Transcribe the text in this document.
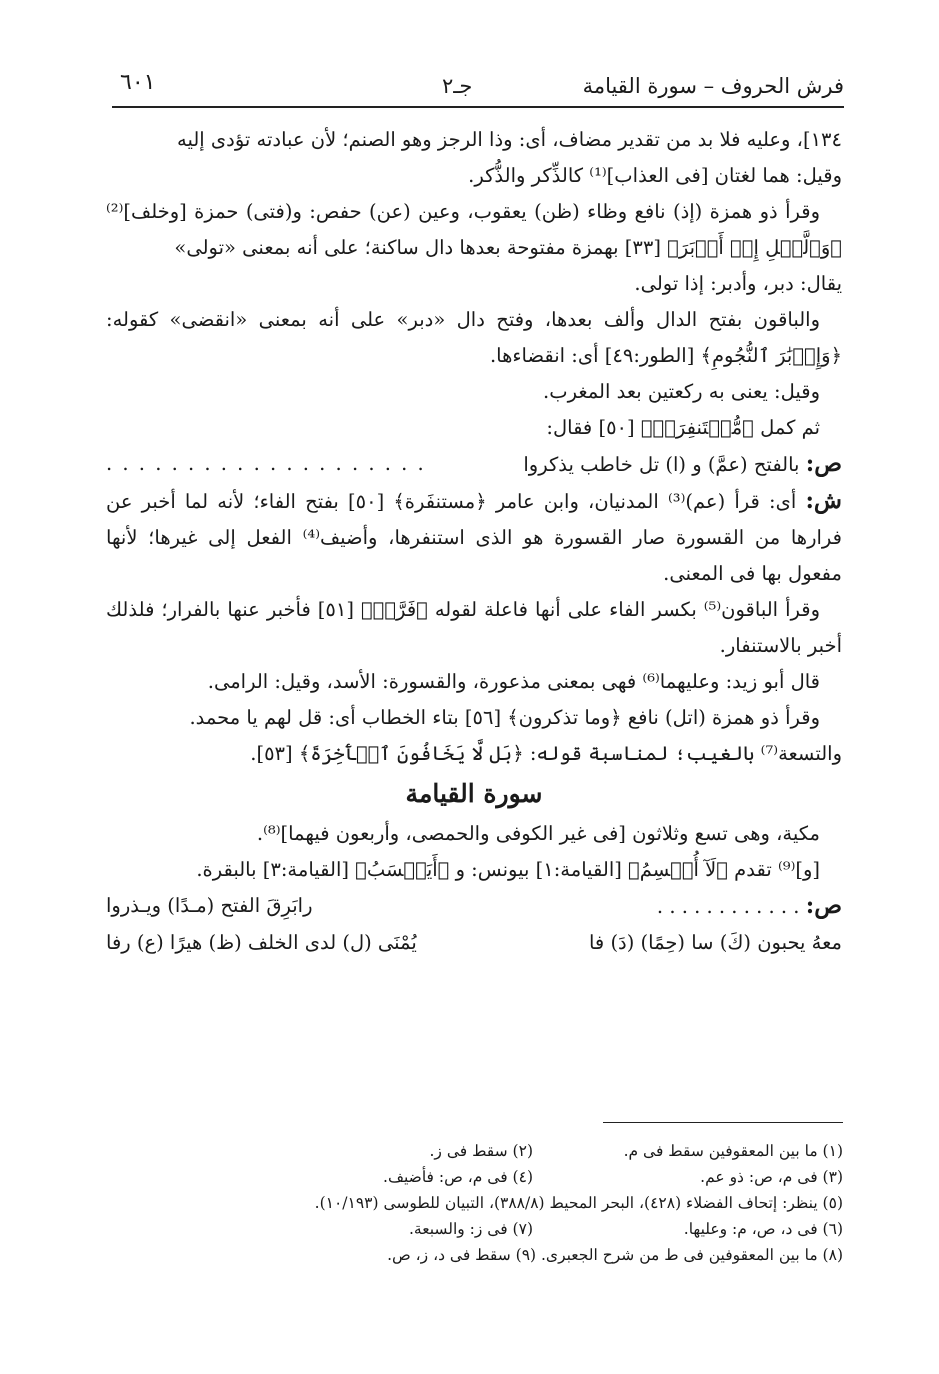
فرش الحروف – سورة القيامة
جـ٢
٦٠١

١٣٤]، وعليه فلا بد من تقدير مضاف، أى: وذا الرجز وهو الصنم؛ لأن عبادته تؤدى إليه

وقيل: هما لغتان [فى العذاب]⁽¹⁾ كالذِّكر والذُّكر.

وقرأ ذو همزة (إذ) نافع وظاء (ظن) يعقوب، وعين (عن) حفص: و(فتى) حمزة [وخلف]⁽²⁾ ﴿وَٱلَّيۡلِ إِذۡ أَدۡبَرَ﴾ [٣٣] بهمزة مفتوحة بعدها دال ساكنة؛ على أنه بمعنى «تولى»

يقال: دبر، وأدبر: إذا تولى.

والباقون بفتح الدال وألف بعدها، وفتح دال «دبر» على أنه بمعنى «انقضى» كقوله: ﴿وَإِدۡبَٰرَ ٱلنُّجُومِ﴾ [الطور:٤٩] أى: انقضاءها.

وقيل: يعنى به ركعتين بعد المغرب.

ثم كمل ﴿مُّسۡتَنفِرَةٞ﴾ [٥٠] فقال:

ص: بالفتح (عمَّ) و (ا) تل خاطب يذكروا
. . . . . . . . . . . . . . . . . . . .

ش: أى: قرأ (عم)⁽³⁾ المدنيان، وابن عامر ﴿مستنفَرة﴾ [٥٠] بفتح الفاء؛ لأنه لما أخبر عن فرارها من القسورة صار القسورة هو الذى استنفرها، وأضيف⁽⁴⁾ الفعل إلى غيرها؛ لأنها مفعول بها فى المعنى.

وقرأ الباقون⁽⁵⁾ بكسر الفاء على أنها فاعلة لقوله ﴿فَرَّتۡ﴾ [٥١] فأخبر عنها بالفرار؛ فلذلك أخبر بالاستنفار.

قال أبو زيد: وعليهما⁽⁶⁾ فهى بمعنى مذعورة، والقسورة: الأسد، وقيل: الرامى.

وقرأ ذو همزة (اتل) نافع ﴿وما تذكرون﴾ [٥٦] بتاء الخطاب أى: قل لهم يا محمد.

والتسعة⁽⁷⁾ بالغيب؛ لمناسبة قوله: ﴿بَل لَّا يَخَافُونَ ٱلۡأٓخِرَةَ﴾ [٥٣].

سورة القيامة

مكية، وهى تسع وثلاثون [فى غير الكوفى والحمصى، وأربعون فيهما]⁽⁸⁾.

[و]⁽⁹⁾ تقدم ﴿لَآ أُقۡسِمُ﴾ [القيامة:١] بيونس: و ﴿أَيَحۡسَبُ﴾ [القيامة:٣] بالبقرة.

ص: . . . . . . . . . . . .
رابَرِقَ الفتح (مـدًا) ويـذروا

معهُ يحبون (كَ) سا (حِمًا) (دَ) فا
يُمْنَى (ل) لدى الخلف (ظ) هيرًا (ع) رفا

(١) ما بين المعقوفين سقط فى م.
(٢) سقط فى ز.
(٣) فى م، ص: ذو عم.
(٤) فى م، ص: فأضيف.
(٥) ينظر: إتحاف الفضلاء (٤٢٨)، البحر المحيط (٣٨٨/٨)، التبيان للطوسى (١٠/١٩٣).
(٦) فى د، ص، م: وعليها.
(٧) فى ز: والسبعة.
(٨) ما بين المعقوفين فى ط من شرح الجعبرى. (٩) سقط فى د، ز، ص.
